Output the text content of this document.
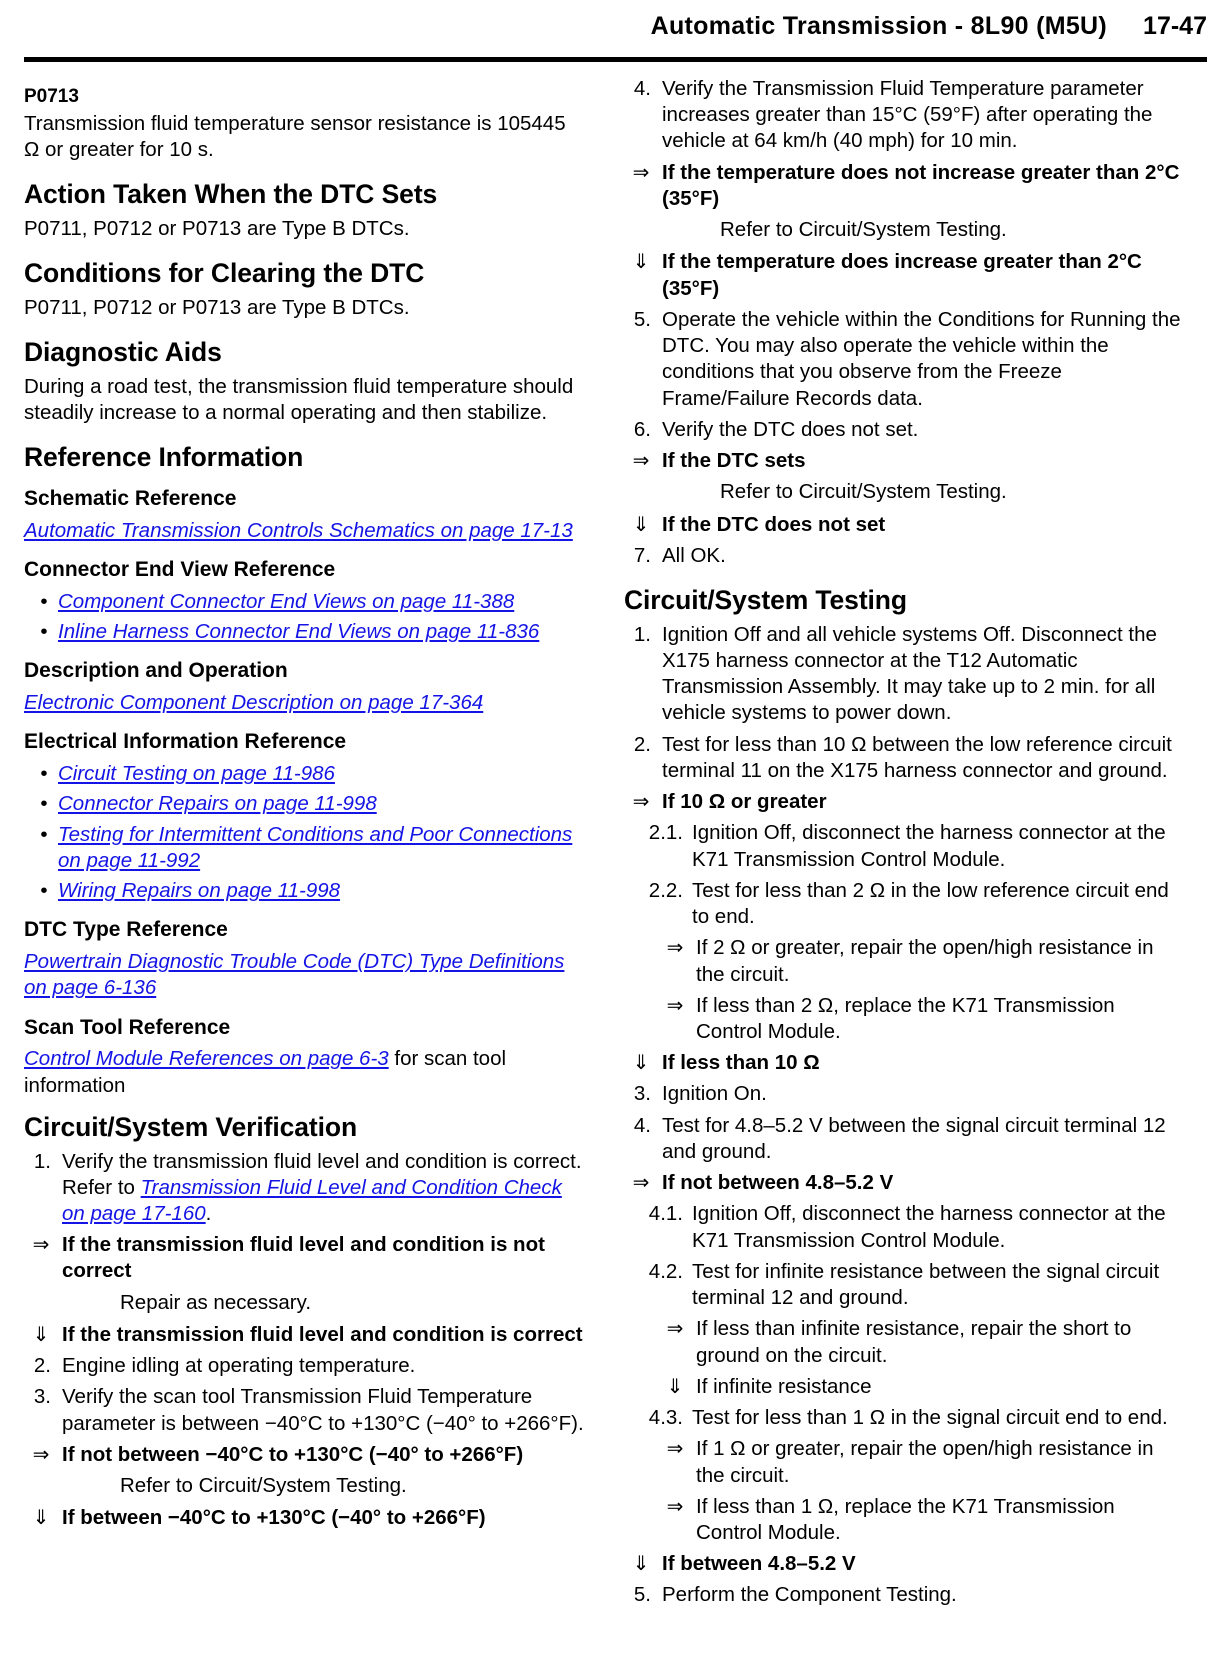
Automatic Transmission - 8L90 (M5U) 17-47
P0713
Transmission fluid temperature sensor resistance is 105445 Ω or greater for 10 s.
Action Taken When the DTC Sets
P0711, P0712 or P0713 are Type B DTCs.
Conditions for Clearing the DTC
P0711, P0712 or P0713 are Type B DTCs.
Diagnostic Aids
During a road test, the transmission fluid temperature should steadily increase to a normal operating and then stabilize.
Reference Information
Schematic Reference
Automatic Transmission Controls Schematics on page 17-13
Connector End View Reference
• Component Connector End Views on page 11-388
• Inline Harness Connector End Views on page 11-836
Description and Operation
Electronic Component Description on page 17-364
Electrical Information Reference
• Circuit Testing on page 11-986
• Connector Repairs on page 11-998
• Testing for Intermittent Conditions and Poor Connections on page 11-992
• Wiring Repairs on page 11-998
DTC Type Reference
Powertrain Diagnostic Trouble Code (DTC) Type Definitions on page 6-136
Scan Tool Reference
Control Module References on page 6-3 for scan tool information
Circuit/System Verification
1. Verify the transmission fluid level and condition is correct. Refer to Transmission Fluid Level and Condition Check on page 17-160.
⇒ If the transmission fluid level and condition is not correct
Repair as necessary.
⇓ If the transmission fluid level and condition is correct
2. Engine idling at operating temperature.
3. Verify the scan tool Transmission Fluid Temperature parameter is between −40°C to +130°C (−40° to +266°F).
⇒ If not between −40°C to +130°C (−40° to +266°F)
Refer to Circuit/System Testing.
⇓ If between −40°C to +130°C (−40° to +266°F)
4. Verify the Transmission Fluid Temperature parameter increases greater than 15°C (59°F) after operating the vehicle at 64 km/h (40 mph) for 10 min.
⇒ If the temperature does not increase greater than 2°C (35°F)
Refer to Circuit/System Testing.
⇓ If the temperature does increase greater than 2°C (35°F)
5. Operate the vehicle within the Conditions for Running the DTC. You may also operate the vehicle within the conditions that you observe from the Freeze Frame/Failure Records data.
6. Verify the DTC does not set.
⇒ If the DTC sets
Refer to Circuit/System Testing.
⇓ If the DTC does not set
7. All OK.
Circuit/System Testing
1. Ignition Off and all vehicle systems Off. Disconnect the X175 harness connector at the T12 Automatic Transmission Assembly. It may take up to 2 min. for all vehicle systems to power down.
2. Test for less than 10 Ω between the low reference circuit terminal 11 on the X175 harness connector and ground.
⇒ If 10 Ω or greater
2.1. Ignition Off, disconnect the harness connector at the K71 Transmission Control Module.
2.2. Test for less than 2 Ω in the low reference circuit end to end.
⇒ If 2 Ω or greater, repair the open/high resistance in the circuit.
⇒ If less than 2 Ω, replace the K71 Transmission Control Module.
⇓ If less than 10 Ω
3. Ignition On.
4. Test for 4.8–5.2 V between the signal circuit terminal 12 and ground.
⇒ If not between 4.8–5.2 V
4.1. Ignition Off, disconnect the harness connector at the K71 Transmission Control Module.
4.2. Test for infinite resistance between the signal circuit terminal 12 and ground.
⇒ If less than infinite resistance, repair the short to ground on the circuit.
⇓ If infinite resistance
4.3. Test for less than 1 Ω in the signal circuit end to end.
⇒ If 1 Ω or greater, repair the open/high resistance in the circuit.
⇒ If less than 1 Ω, replace the K71 Transmission Control Module.
⇓ If between 4.8–5.2 V
5. Perform the Component Testing.
